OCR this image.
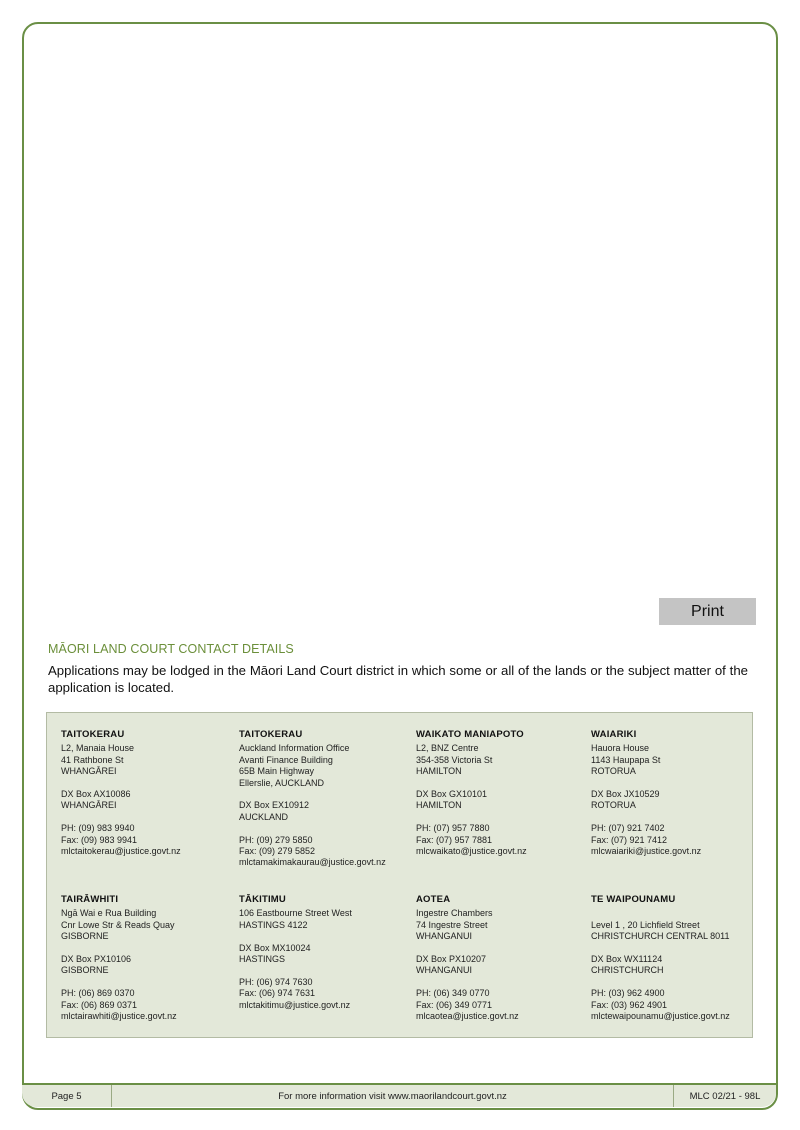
Print
MĀORI LAND COURT CONTACT DETAILS

Applications may be lodged in the Māori Land Court district in which some or all of the lands or the subject matter of the application is located.

TAITOKERAU
L2, Manaia House
41 Rathbone St
WHANGĀREI
DX Box AX10086
WHANGĀREI
PH: (09) 983 9940
Fax: (09) 983 9941
mlctaitokerau@justice.govt.nz
TAITOKERAU
Auckland Information Office
Avanti Finance Building
65B Main Highway
Ellerslie, AUCKLAND
DX Box EX10912
AUCKLAND
PH: (09) 279 5850
Fax: (09) 279 5852
mlctamakimakaurau@justice.govt.nz
WAIKATO MANIAPOTO
L2, BNZ Centre
354-358 Victoria St
HAMILTON
DX Box GX10101
HAMILTON
PH: (07) 957 7880
Fax: (07) 957 7881
mlcwaikato@justice.govt.nz
WAIARIKI
Hauora House
1143 Haupapa St
ROTORUA
DX Box JX10529
ROTORUA
PH: (07) 921 7402
Fax: (07) 921 7412
mlcwaiariki@justice.govt.nz
TAIRĀWHITI
Ngā Wai e Rua Building
Cnr Lowe Str & Reads Quay
GISBORNE
DX Box PX10106
GISBORNE
PH: (06) 869 0370
Fax: (06) 869 0371
mlctairawhiti@justice.govt.nz
TĀKITIMU
106 Eastbourne Street West
HASTINGS 4122
DX Box MX10024
HASTINGS
PH: (06) 974 7630
Fax: (06) 974 7631
mlctakitimu@justice.govt.nz
AOTEA
Ingestre Chambers
74 Ingestre Street
WHANGANUI
DX Box PX10207
WHANGANUI
PH: (06) 349 0770
Fax: (06) 349 0771
mlcaotea@justice.govt.nz
TE WAIPOUNAMU
Level 1 , 20 Lichfield Street
CHRISTCHURCH CENTRAL 8011
DX Box WX11124
CHRISTCHURCH
PH: (03) 962 4900
Fax: (03) 962 4901
mlctewaipounamu@justice.govt.nz
Page 5	For more information visit www.maorilandcourt.govt.nz	MLC 02/21 - 98L
